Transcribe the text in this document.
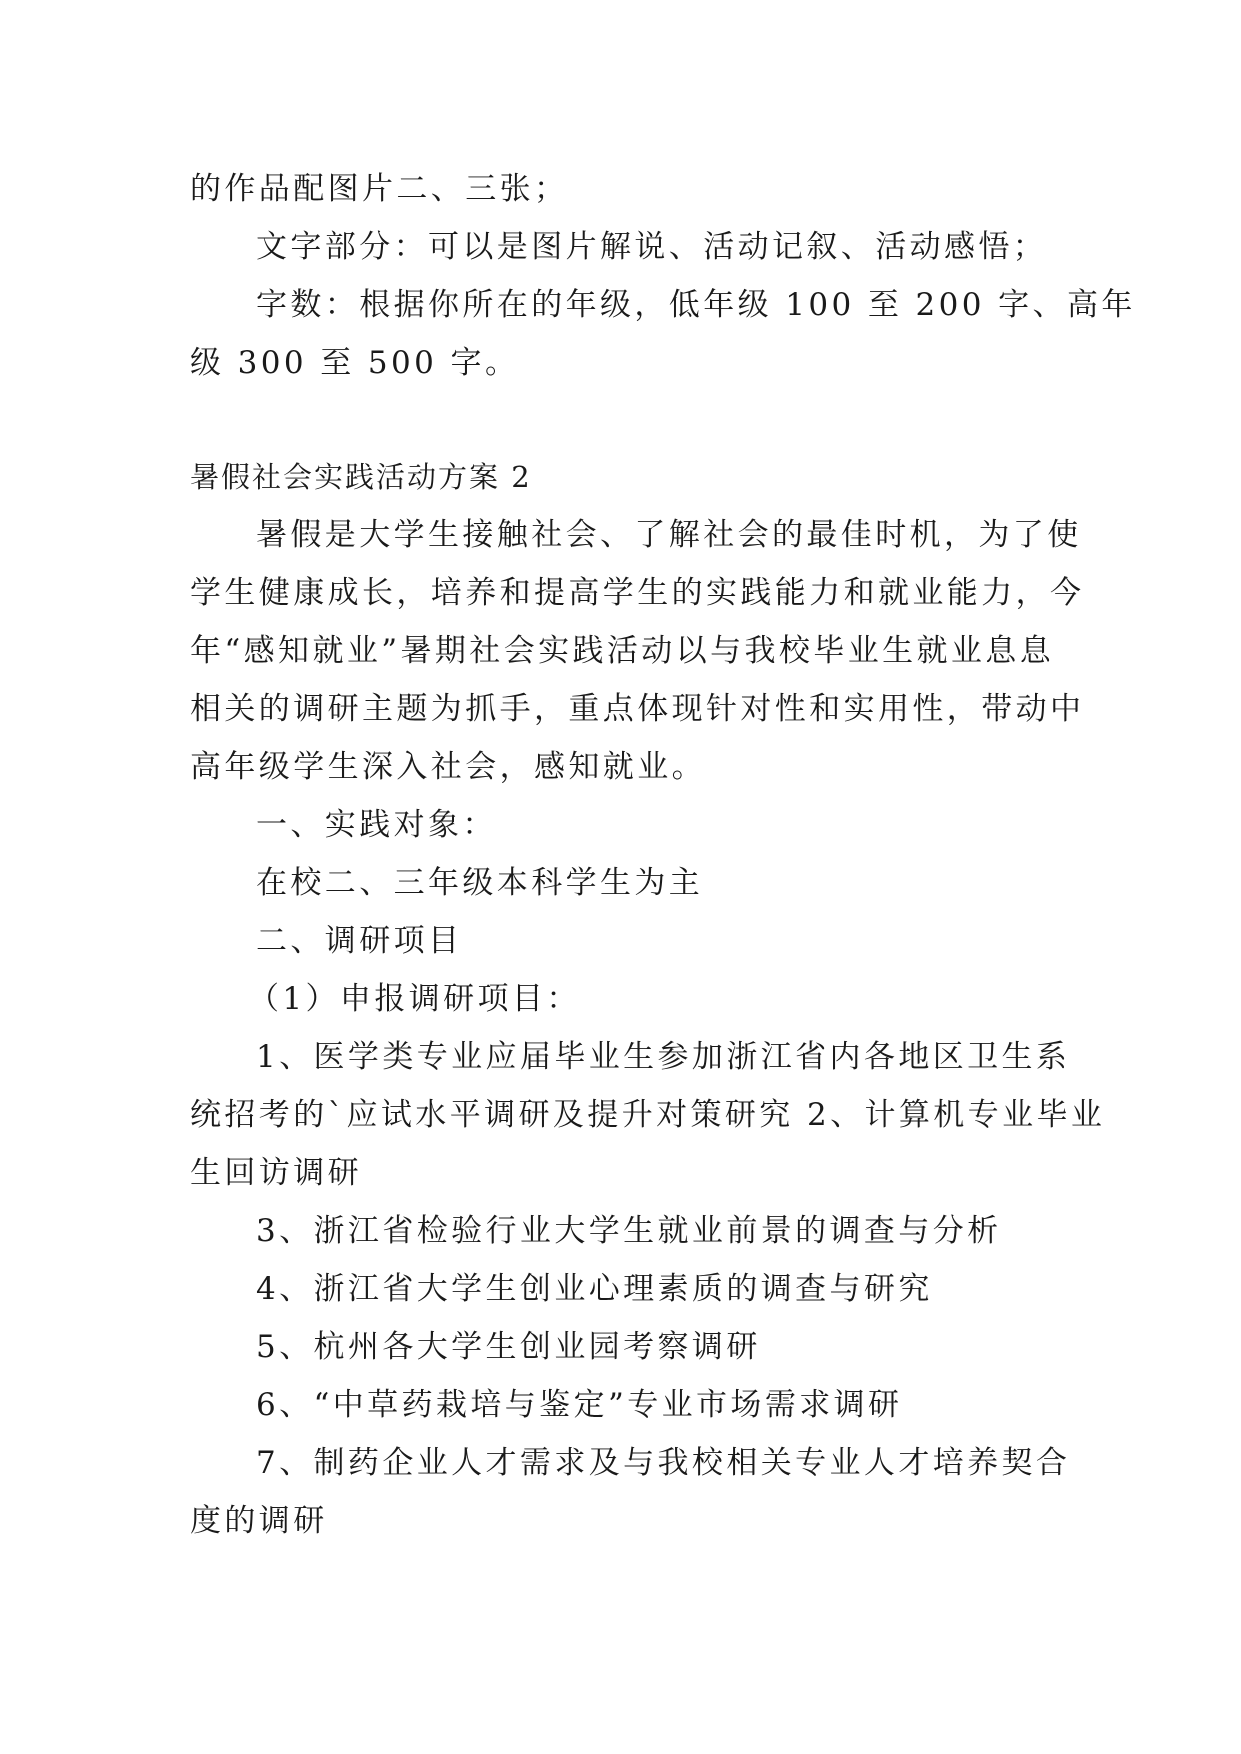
的作品配图片二、三张；
文字部分：可以是图片解说、活动记叙、活动感悟；
字数：根据你所在的年级，低年级 100 至 200 字、高年
级 300 至 500 字。
暑假社会实践活动方案 2
暑假是大学生接触社会、了解社会的最佳时机，为了使
学生健康成长，培养和提高学生的实践能力和就业能力，今
年“感知就业”暑期社会实践活动以与我校毕业生就业息息
相关的调研主题为抓手，重点体现针对性和实用性，带动中
高年级学生深入社会，感知就业。
一、实践对象：
在校二、三年级本科学生为主
二、调研项目
（1）申报调研项目：
1、医学类专业应届毕业生参加浙江省内各地区卫生系
统招考的`应试水平调研及提升对策研究 2、计算机专业毕业
生回访调研
3、浙江省检验行业大学生就业前景的调查与分析
4、浙江省大学生创业心理素质的调查与研究
5、杭州各大学生创业园考察调研
6、“中草药栽培与鉴定”专业市场需求调研
7、制药企业人才需求及与我校相关专业人才培养契合
度的调研
